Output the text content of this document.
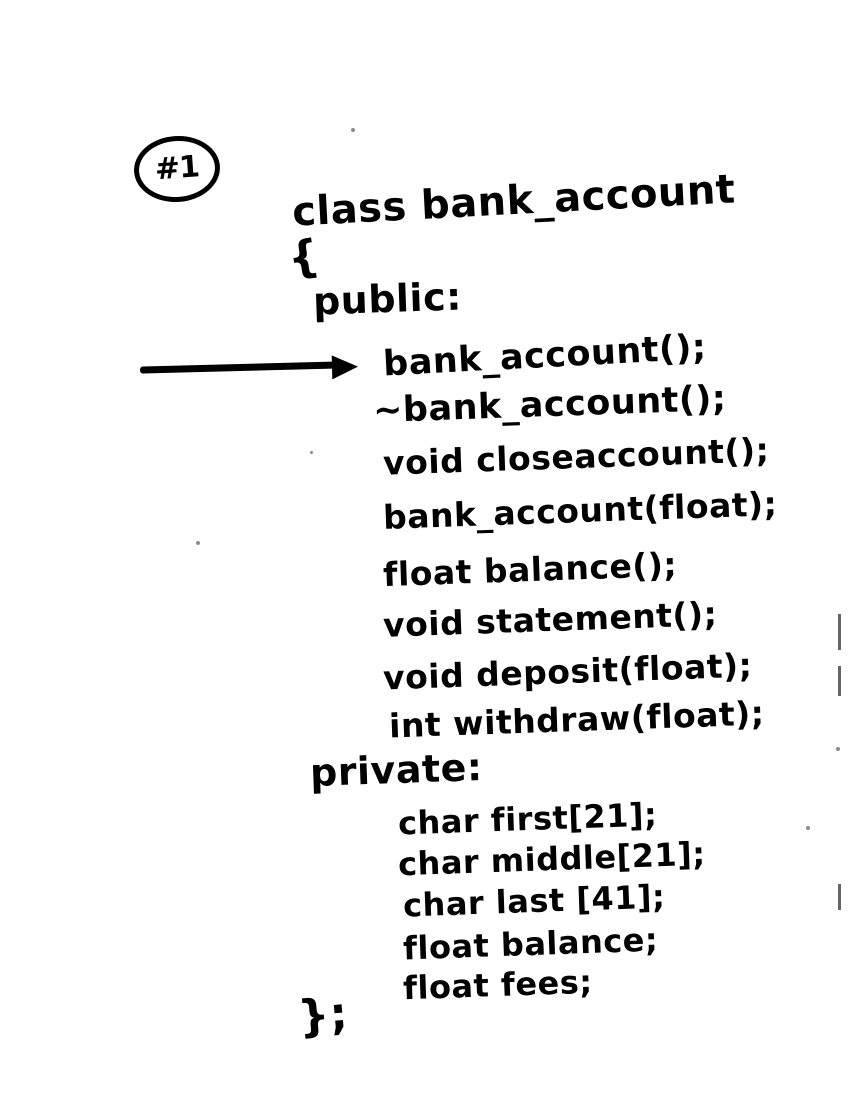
#1	class bank_account
{
public:
bank_account();
~bank_account();
void closeaccount();
bank_account(float);
float balance();
void statement();
void deposit(float);
int withdraw(float);
private:
char first[21];
char middle[21];
char last [41];
float balance;
float fees;
};
